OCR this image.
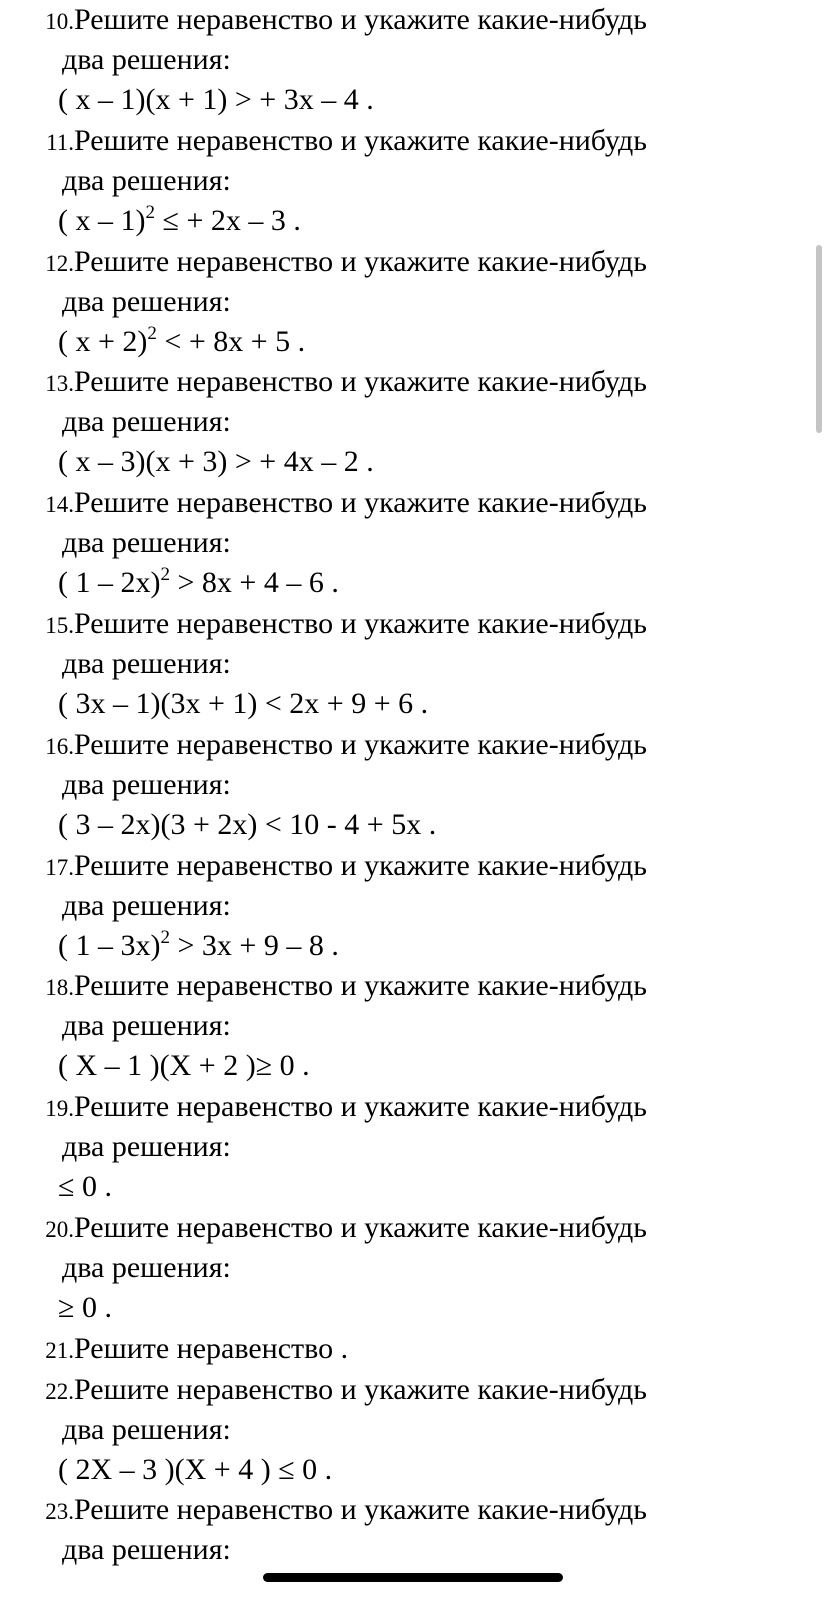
10.Решите неравенство и укажите какие-нибудь
два решения:
( x – 1)(x + 1) > + 3x – 4 .
11.Решите неравенство и укажите какие-нибудь
два решения:
( x – 1)$^2$ ≤ + 2x – 3 .
12.Решите неравенство и укажите какие-нибудь
два решения:
( x + 2)$^2$ < + 8x + 5 .
13.Решите неравенство и укажите какие-нибудь
два решения:
( x – 3)(x + 3) > + 4x – 2 .
14.Решите неравенство и укажите какие-нибудь
два решения:
( 1 – 2x)$^2$ > 8x + 4 – 6 .
15.Решите неравенство и укажите какие-нибудь
два решения:
( 3x – 1)(3x + 1) < 2x + 9 + 6 .
16.Решите неравенство и укажите какие-нибудь
два решения:
( 3 – 2x)(3 + 2x) < 10 - 4 + 5x .
17.Решите неравенство и укажите какие-нибудь
два решения:
( 1 – 3x)$^2$ > 3x + 9 – 8 .
18.Решите неравенство и укажите какие-нибудь
два решения:
( X – 1 )(X + 2 )≥ 0 .
19.Решите неравенство и укажите какие-нибудь
два решения:
≤ 0 .
20.Решите неравенство и укажите какие-нибудь
два решения:
≥ 0 .
21.Решите неравенство .
22.Решите неравенство и укажите какие-нибудь
два решения:
( 2X – 3 )(X + 4 ) ≤ 0 .
23.Решите неравенство и укажите какие-нибудь
два решения:
